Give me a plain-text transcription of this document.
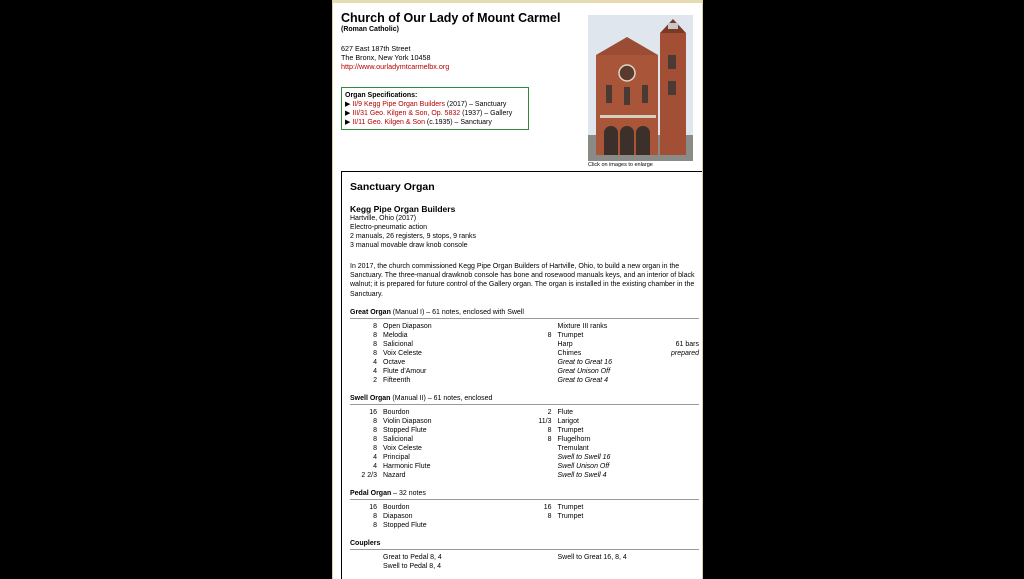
Church of Our Lady of Mount Carmel
(Roman Catholic)
627 East 187th Street
The Bronx, New York 10458
http://www.ourladymtcarmelbx.org
Click on images to enlarge
Organ Specifications:
▶ II/9 Kegg Pipe Organ Builders (2017) – Sanctuary
▶ III/31 Geo. Kilgen & Son, Op. 5832 (1937) – Gallery
▶ II/11 Geo. Kilgen & Son (c.1935) – Sanctuary
Sanctuary Organ
Kegg Pipe Organ Builders
Hartville, Ohio (2017)
Electro-pneumatic action
2 manuals, 26 registers, 9 stops, 9 ranks
3 manual movable draw knob console
In 2017, the church commissioned Kegg Pipe Organ Builders of Hartville, Ohio, to build a new organ in the Sanctuary. The three-manual drawknob console has bone and rosewood manuals keys, and an interior of black walnut; it is prepared for future control of the Gallery organ. The organ is installed in the existing chamber in the Sanctuary.
Great Organ (Manual I) – 61 notes, enclosed with Swell
8 Open Diapason
8 Melodia
8 Salicional
8 Voix Celeste
4 Octave
4 Flute d'Amour
2 Fifteenth
Mixture III ranks
8 Trumpet
Harp	61 bars
Chimes	prepared
Great to Great 16
Great Unison Off
Great to Great 4
Swell Organ (Manual II) – 61 notes, enclosed
16 Bourdon
8 Violin Diapason
8 Stopped Flute
8 Salicional
8 Voix Celeste
4 Principal
4 Harmonic Flute
2 2/3 Nazard
2 Flute
11/3 Larigot
8 Trumpet
8 Flugelhorn
Tremulant
Swell to Swell 16
Swell Unison Off
Swell to Swell 4
Pedal Organ – 32 notes
16 Bourdon
8 Diapason
8 Stopped Flute
16 Trumpet
8 Trumpet
Couplers
Great to Pedal 8, 4
Swell to Pedal 8, 4
Swell to Great 16, 8, 4
